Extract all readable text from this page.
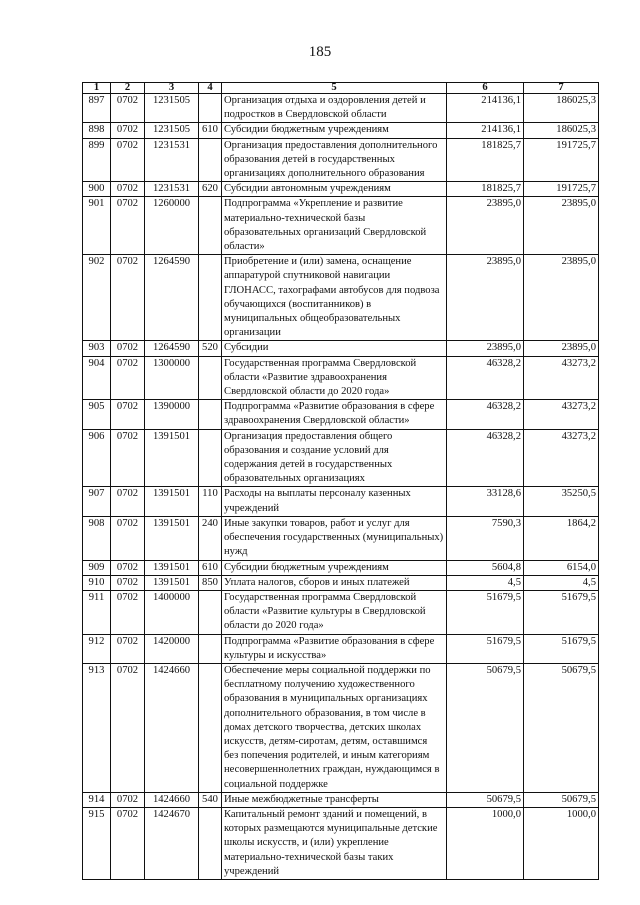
185
1	2	3	4	5	6	7
897	0702	1231505		Организация отдыха и оздоровления детей и подростков в Свердловской области	214136,1	186025,3
898	0702	1231505	610	Субсидии бюджетным учреждениям	214136,1	186025,3
899	0702	1231531		Организация предоставления дополнительного образования детей в государственных организациях дополнительного образования	181825,7	191725,7
900	0702	1231531	620	Субсидии автономным учреждениям	181825,7	191725,7
901	0702	1260000		Подпрограмма «Укрепление и развитие материально-технической базы образовательных организаций Свердловской области»	23895,0	23895,0
902	0702	1264590		Приобретение и (или) замена, оснащение аппаратурой спутниковой навигации ГЛОНАСС, тахографами автобусов для подвоза обучающихся (воспитанников) в муниципальных общеобразовательных организации	23895,0	23895,0
903	0702	1264590	520	Субсидии	23895,0	23895,0
904	0702	1300000		Государственная программа Свердловской области «Развитие здравоохранения Свердловской области до 2020 года»	46328,2	43273,2
905	0702	1390000		Подпрограмма «Развитие образования в сфере здравоохранения Свердловской области»	46328,2	43273,2
906	0702	1391501		Организация предоставления общего образования и создание условий для содержания детей в государственных образовательных организациях	46328,2	43273,2
907	0702	1391501	110	Расходы на выплаты персоналу казенных учреждений	33128,6	35250,5
908	0702	1391501	240	Иные закупки товаров, работ и услуг для обеспечения государственных (муниципальных) нужд	7590,3	1864,2
909	0702	1391501	610	Субсидии бюджетным учреждениям	5604,8	6154,0
910	0702	1391501	850	Уплата налогов, сборов и иных платежей	4,5	4,5
911	0702	1400000		Государственная программа Свердловской области «Развитие культуры в Свердловской области до 2020 года»	51679,5	51679,5
912	0702	1420000		Подпрограмма «Развитие образования в сфере культуры и искусства»	51679,5	51679,5
913	0702	1424660		Обеспечение меры социальной поддержки по бесплатному получению художественного образования в муниципальных организациях дополнительного образования, в том числе в домах детского творчества, детских школах искусств, детям-сиротам, детям, оставшимся без попечения родителей, и иным категориям несовершеннолетних граждан, нуждающимся в социальной поддержке	50679,5	50679,5
914	0702	1424660	540	Иные межбюджетные трансферты	50679,5	50679,5
915	0702	1424670		Капитальный ремонт зданий и помещений, в которых размещаются муниципальные детские школы искусств, и (или) укрепление материально-технической базы таких учреждений	1000,0	1000,0
